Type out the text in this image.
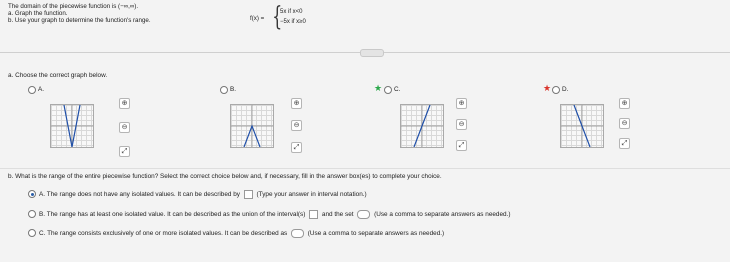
The domain of the piecewise function is (−∞,∞).
a. Graph the function.
b. Use your graph to determine the function's range.	f(x) = {
5x if x<0
−5x if x≥0
a. Choose the correct graph below.
A.
⊕
⊖
⤢
B.
⊕
⊖
⤢
★ C.
⊕
⊖
⤢
★ D.
⊕
⊖
⤢
b. What is the range of the entire piecewise function? Select the correct choice below and, if necessary, fill in the answer box(es) to complete your choice.
A. The range does not have any isolated values. It can be described by	(Type your answer in interval notation.)
B. The range has at least one isolated value. It can be described as the union of the interval(s)	and the set	(Use a comma to separate answers as needed.)
C. The range consists exclusively of one or more isolated values. It can be described as	(Use a comma to separate answers as needed.)
